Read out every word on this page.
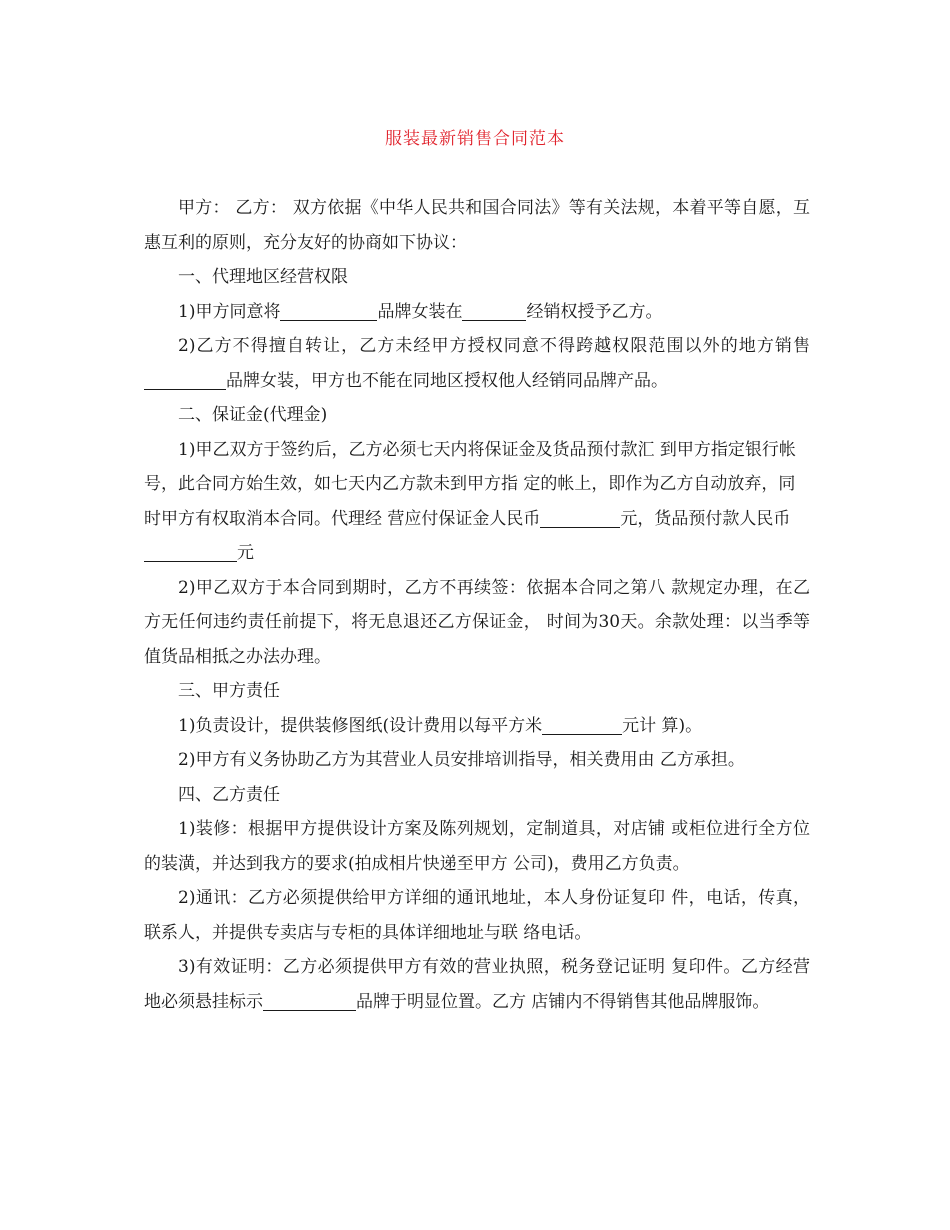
服装最新销售合同范本

甲方： 乙方： 双方依据《中华人民共和国合同法》等有关法规，本着平等自愿，互惠互利的原则，充分友好的协商如下协议：

一、代理地区经营权限

1)甲方同意将	品牌女装在	经销权授予乙方。

2)乙方不得擅自转让，乙方未经甲方授权同意不得跨越权限范围以外的地方销售品牌女装，甲方也不能在同地区授权他人经销同品牌产品。

二、保证金(代理金)

1)甲乙双方于签约后，乙方必须七天内将保证金及货品预付款汇 到甲方指定银行帐号，此合同方始生效，如七天内乙方款未到甲方指 定的帐上，即作为乙方自动放弃，同时甲方有权取消本合同。代理经 营应付保证金人民币	元，货品预付款人民币元

2)甲乙双方于本合同到期时，乙方不再续签：依据本合同之第八 款规定办理，在乙方无任何违约责任前提下，将无息退还乙方保证金， 时间为30天。余款处理：以当季等值货品相抵之办法办理。

三、甲方责任

1)负责设计，提供装修图纸(设计费用以每平方米	元计 算)。

2)甲方有义务协助乙方为其营业人员安排培训指导，相关费用由 乙方承担。

四、乙方责任

1)装修：根据甲方提供设计方案及陈列规划，定制道具，对店铺 或柜位进行全方位的装潢，并达到我方的要求(拍成相片快递至甲方 公司)，费用乙方负责。

2)通讯：乙方必须提供给甲方详细的通讯地址，本人身份证复印 件，电话，传真，联系人，并提供专卖店与专柜的具体详细地址与联 络电话。

3)有效证明：乙方必须提供甲方有效的营业执照，税务登记证明 复印件。乙方经营地必须悬挂标示	品牌于明显位置。乙方 店铺内不得销售其他品牌服饰。
